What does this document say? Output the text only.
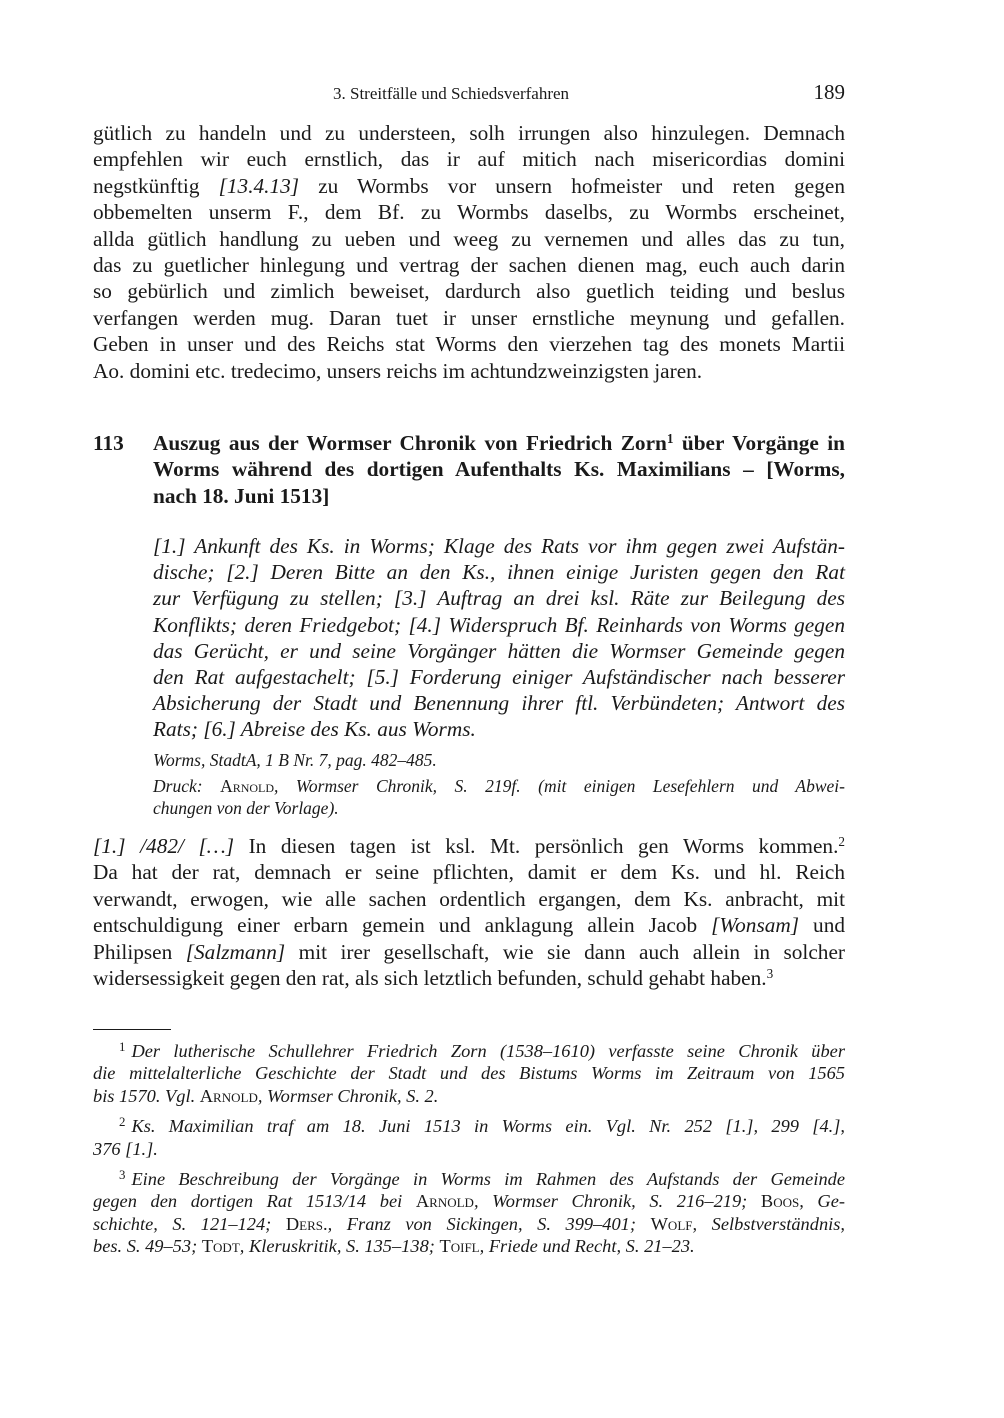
3. Streitfälle und Schiedsverfahren	189
gütlich zu handeln und zu understeen, solh irrungen also hinzulegen. Demnach
empfehlen wir euch ernstlich, das ir auf mitich nach misericordias domini
negstkünftig [13.4.13] zu Wormbs vor unsern hofmeister und reten gegen
obbemelten unserm F., dem Bf. zu Wormbs daselbs, zu Wormbs erscheinet,
allda gütlich handlung zu ueben und weeg zu vernemen und alles das zu tun,
das zu guetlicher hinlegung und vertrag der sachen dienen mag, euch auch darin
so gebürlich und zimlich beweiset, dardurch also guetlich teiding und beslus
verfangen werden mug. Daran tuet ir unser ernstliche meynung und gefallen.
Geben in unser und des Reichs stat Worms den vierzehen tag des monets Martii
Ao. domini etc. tredecimo, unsers reichs im achtundzweinzigsten jaren.
113 Auszug aus der Wormser Chronik von Friedrich Zorn$^1$ über Vorgänge in
Worms während des dortigen Aufenthalts Ks. Maximilians – [Worms,
nach 18. Juni 1513]
[1.] Ankunft des Ks. in Worms; Klage des Rats vor ihm gegen zwei Aufstän-
dische; [2.] Deren Bitte an den Ks., ihnen einige Juristen gegen den Rat
zur Verfügung zu stellen; [3.] Auftrag an drei ksl. Räte zur Beilegung des
Konflikts; deren Friedgebot; [4.] Widerspruch Bf. Reinhards von Worms gegen
das Gerücht, er und seine Vorgänger hätten die Wormser Gemeinde gegen
den Rat aufgestachelt; [5.] Forderung einiger Aufständischer nach besserer
Absicherung der Stadt und Benennung ihrer ftl. Verbündeten; Antwort des
Rats; [6.] Abreise des Ks. aus Worms.
Worms, StadtA, 1 B Nr. 7, pag. 482–485.
Druck: Arnold, Wormser Chronik, S. 219f. (mit einigen Lesefehlern und Abwei-
chungen von der Vorlage).
[1.] /482/ […] In diesen tagen ist ksl. Mt. persönlich gen Worms kommen.$^2$
Da hat der rat, demnach er seine pflichten, damit er dem Ks. und hl. Reich
verwandt, erwogen, wie alle sachen ordentlich ergangen, dem Ks. anbracht, mit
entschuldigung einer erbarn gemein und anklagung allein Jacob [Wonsam] und
Philipsen [Salzmann] mit irer gesellschaft, wie sie dann auch allein in solcher
widersessigkeit gegen den rat, als sich letztlich befunden, schuld gehabt haben.$^3$
$^1$ Der lutherische Schullehrer Friedrich Zorn (1538–1610) verfasste seine Chronik über
die mittelalterliche Geschichte der Stadt und des Bistums Worms im Zeitraum von 1565
bis 1570. Vgl. Arnold, Wormser Chronik, S. 2.
$^2$ Ks. Maximilian traf am 18. Juni 1513 in Worms ein. Vgl. Nr. 252 [1.], 299 [4.],
376 [1.].
$^3$ Eine Beschreibung der Vorgänge in Worms im Rahmen des Aufstands der Gemeinde
gegen den dortigen Rat 1513/14 bei Arnold, Wormser Chronik, S. 216–219; Boos, Ge-
schichte, S. 121–124; Ders., Franz von Sickingen, S. 399–401; Wolf, Selbstverständnis,
bes. S. 49–53; Todt, Kleruskritik, S. 135–138; Toifl, Friede und Recht, S. 21–23.
